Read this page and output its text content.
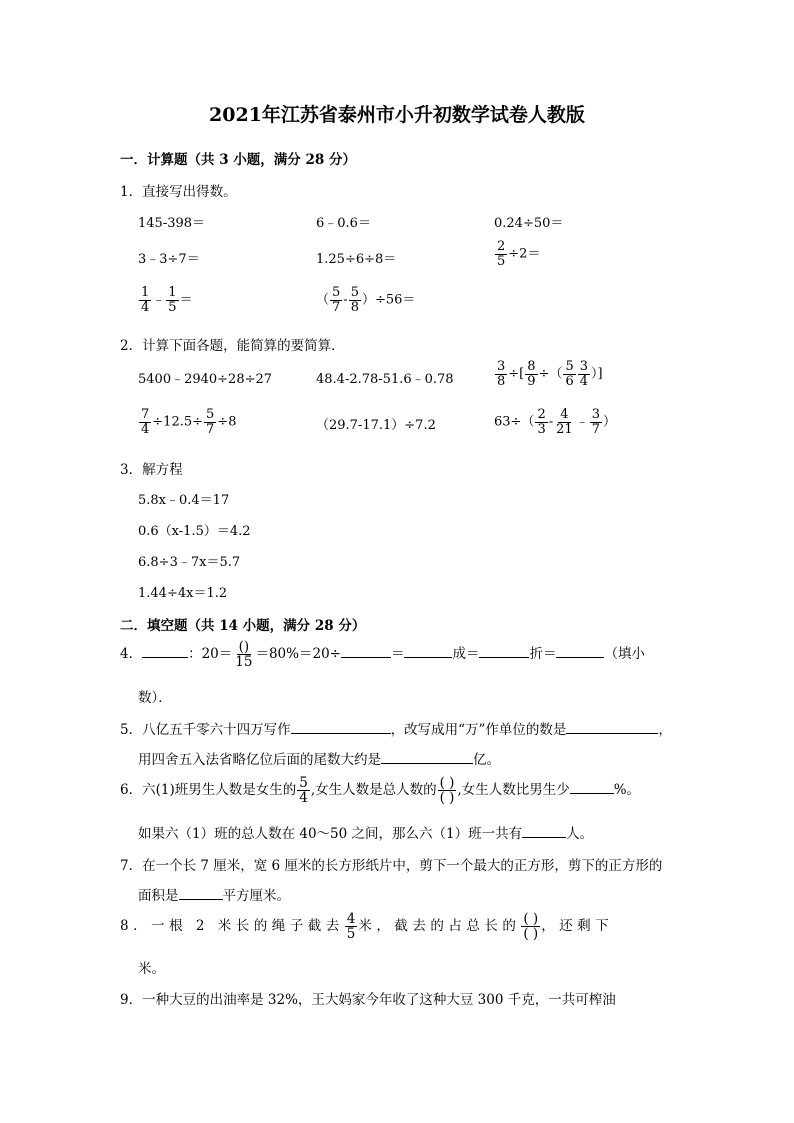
2021年江苏省泰州市小升初数学试卷人教版
一．计算题（共 3 小题，满分 28 分）
1．直接写出得数。
145-398＝	6﹣0.6＝	0.24÷50＝
3﹣3÷7＝	1.25÷6÷8＝	$\frac{2}{5} \div 2=$
$\frac{1}{4}$ ﹣ $\frac{1}{5}$ ＝	（ $\frac{5}{7} - \frac{5}{8} )\div 56=$
2．计算下面各题，能简算的要简算．
5400﹣2940÷28÷27	48.4-2.78-51.6﹣0.78	$\frac{3}{8}$ ÷[ $\frac{8}{9}$ ÷（ $\frac{5}{6} \frac{3}{4}$ ）]
$\frac{7}{4} \div 12.5\div \frac{5}{7} \div 8$	（29.7-17.1）÷7.2	$63\div( \frac{2}{3} - \frac{4}{21}$ ﹣ $\frac{3}{7}$ ）
3．解方程
5.8x﹣0.4＝17
0.6（x-1.5）＝4.2
6.8÷3﹣7x＝5.7
1.44÷4x＝1.2
二．填空题（共 14 小题，满分 28 分）
4．	：$20= \frac{()}{15} =80\%=20\div$	＝	成＝	折＝	（填小
数）．
5．八亿五千零六十四万写作	，改写成用“万”作单位的数是	，
用四舍五入法省略亿位后面的尾数大约是	亿。
6．六(1)班男生人数是女生的 $\frac{5}{4}$ ,女生人数是总人数的 $\frac{( )}{( )}$ ,女生人数比男生少	%。
如果六（1）班的总人数在 40～50 之间，那么六（1）班一共有	人。
7．在一个长 7 厘米，宽 6 厘米的长方形纸片中，剪下一个最大的正方形，剪下的正方形的
面积是	平方厘米。
8．一根 2 米长的绳子截去 $\frac{4}{5}$ 米，截去的占总长的 $\frac{( )}{( )}$ ，还剩下
米。
9．一种大豆的出油率是 32%，王大妈家今年收了这种大豆 300 千克，一共可榨油
